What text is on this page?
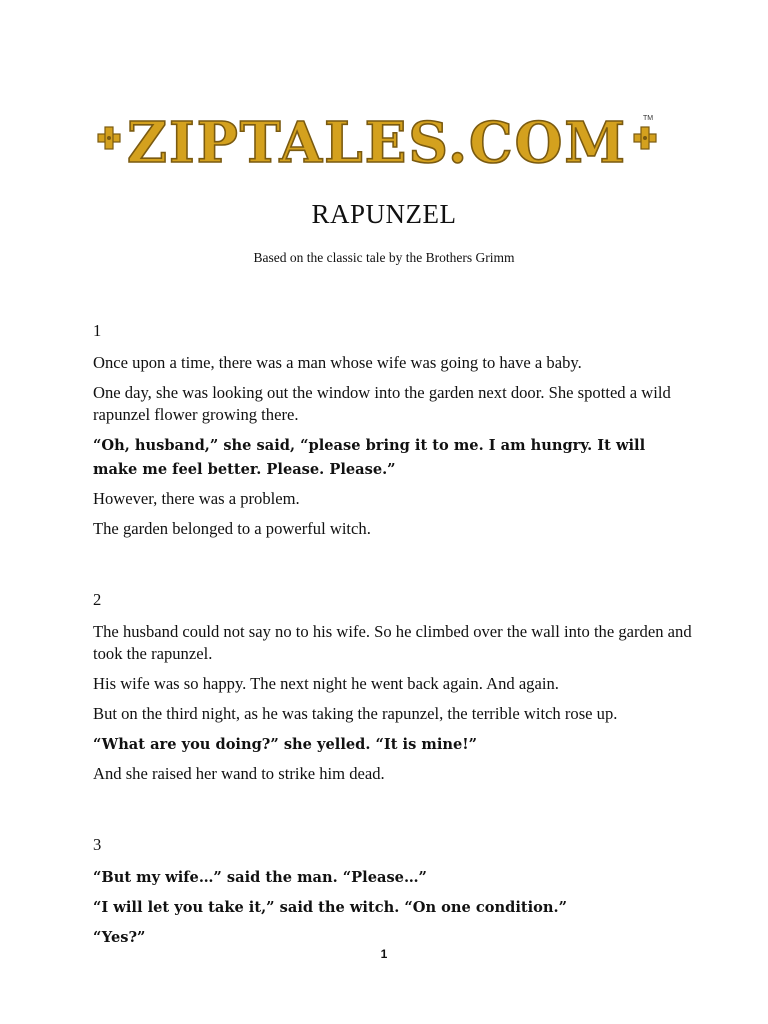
ZIPTALES.COM TM
RAPUNZEL

Based on the classic tale by the Brothers Grimm

1

Once upon a time, there was a man whose wife was going to have a baby.

One day, she was looking out the window into the garden next door. She spotted a wild rapunzel flower growing there.

“Oh, husband,” she said, “please bring it to me. I am hungry. It will make me feel better. Please. Please.”

However, there was a problem.

The garden belonged to a powerful witch.

2

The husband could not say no to his wife. So he climbed over the wall into the garden and took the rapunzel.

His wife was so happy. The next night he went back again. And again.

But on the third night, as he was taking the rapunzel, the terrible witch rose up.

“What are you doing?” she yelled. “It is mine!”

And she raised her wand to strike him dead.

3

“But my wife…” said the man. “Please…”

“I will let you take it,” said the witch. “On one condition.”

“Yes?”

1
